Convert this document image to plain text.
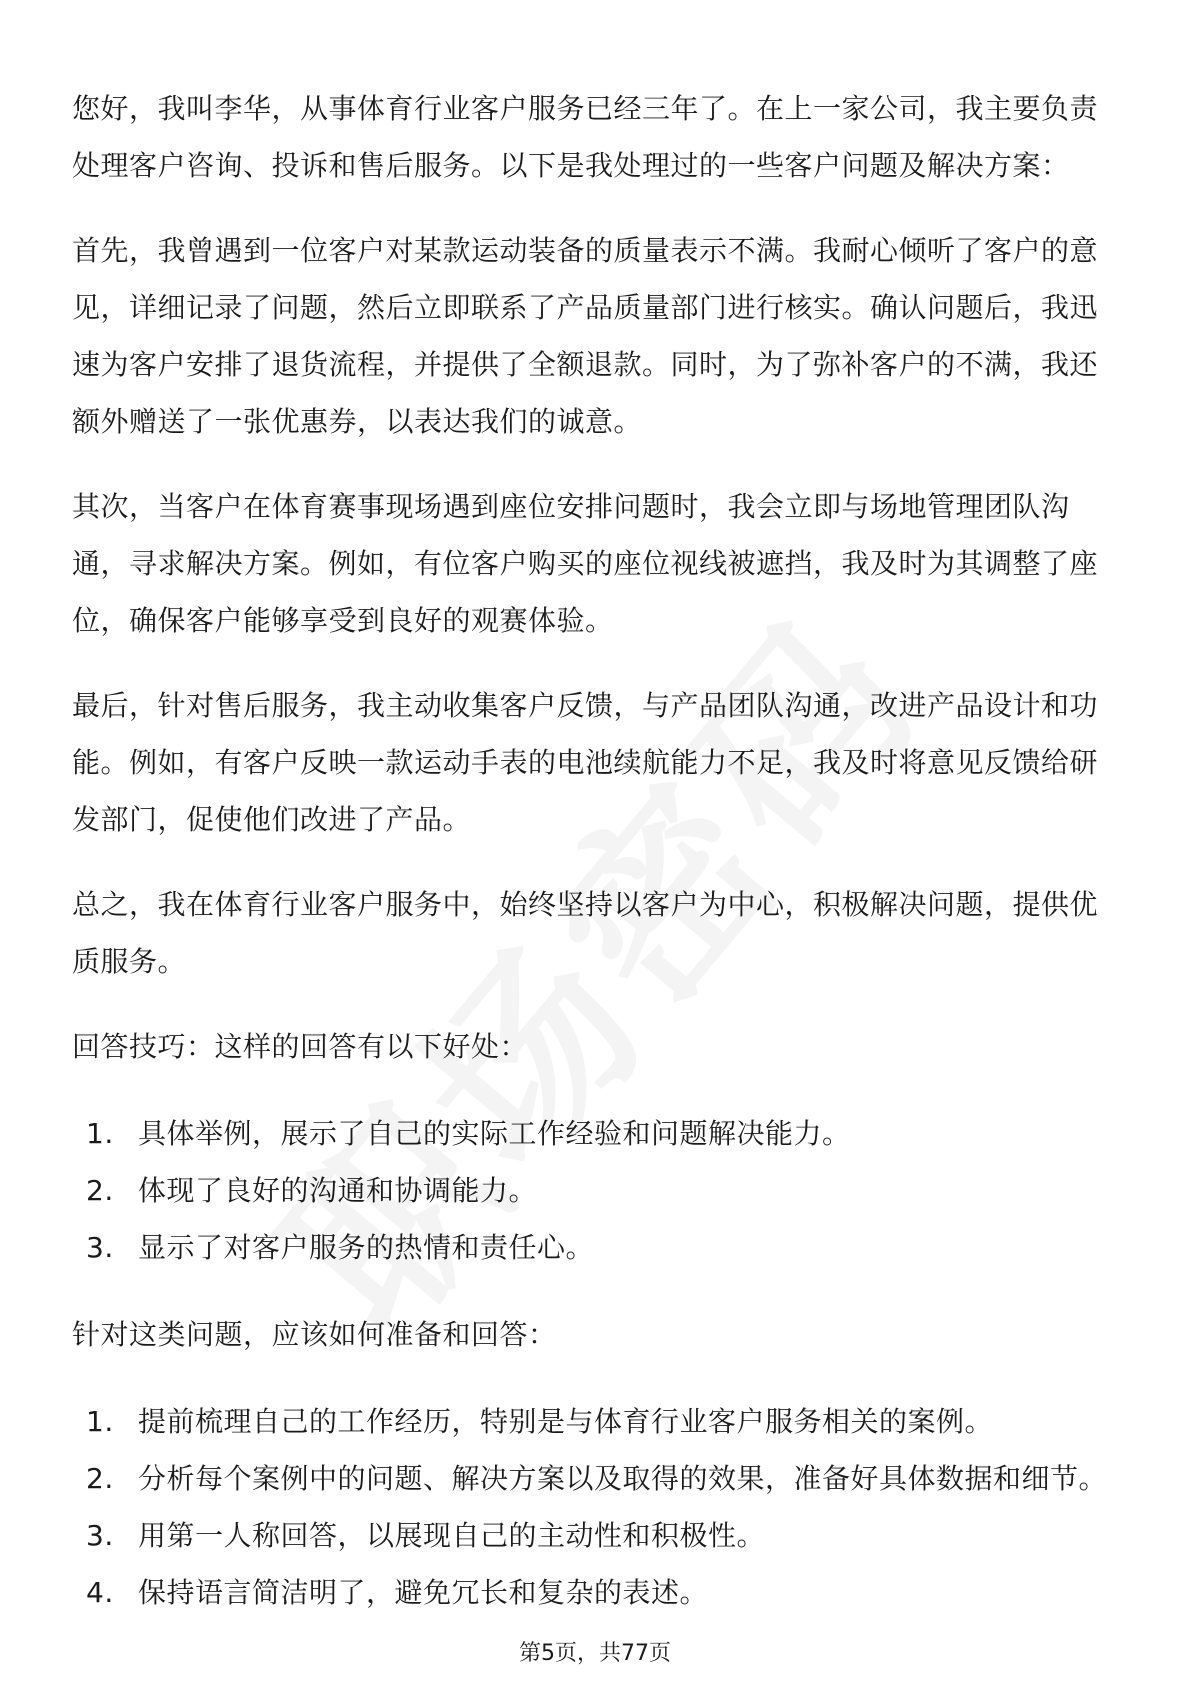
您好，我叫李华，从事体育行业客户服务已经三年了。在上一家公司，我主要负责处理客户咨询、投诉和售后服务。以下是我处理过的一些客户问题及解决方案：

首先，我曾遇到一位客户对某款运动装备的质量表示不满。我耐心倾听了客户的意见，详细记录了问题，然后立即联系了产品质量部门进行核实。确认问题后，我迅速为客户安排了退货流程，并提供了全额退款。同时，为了弥补客户的不满，我还额外赠送了一张优惠券，以表达我们的诚意。

其次，当客户在体育赛事现场遇到座位安排问题时，我会立即与场地管理团队沟通，寻求解决方案。例如，有位客户购买的座位视线被遮挡，我及时为其调整了座位，确保客户能够享受到良好的观赛体验。

最后，针对售后服务，我主动收集客户反馈，与产品团队沟通，改进产品设计和功能。例如，有客户反映一款运动手表的电池续航能力不足，我及时将意见反馈给研发部门，促使他们改进了产品。

总之，我在体育行业客户服务中，始终坚持以客户为中心，积极解决问题，提供优质服务。

回答技巧：这样的回答有以下好处：

1. 具体举例，展示了自己的实际工作经验和问题解决能力。
2. 体现了良好的沟通和协调能力。
3. 显示了对客户服务的热情和责任心。

针对这类问题，应该如何准备和回答：

1. 提前梳理自己的工作经历，特别是与体育行业客户服务相关的案例。
2. 分析每个案例中的问题、解决方案以及取得的效果，准备好具体数据和细节。
3. 用第一人称回答，以展现自己的主动性和积极性。
4. 保持语言简洁明了，避免冗长和复杂的表述。
第5页，共77页
